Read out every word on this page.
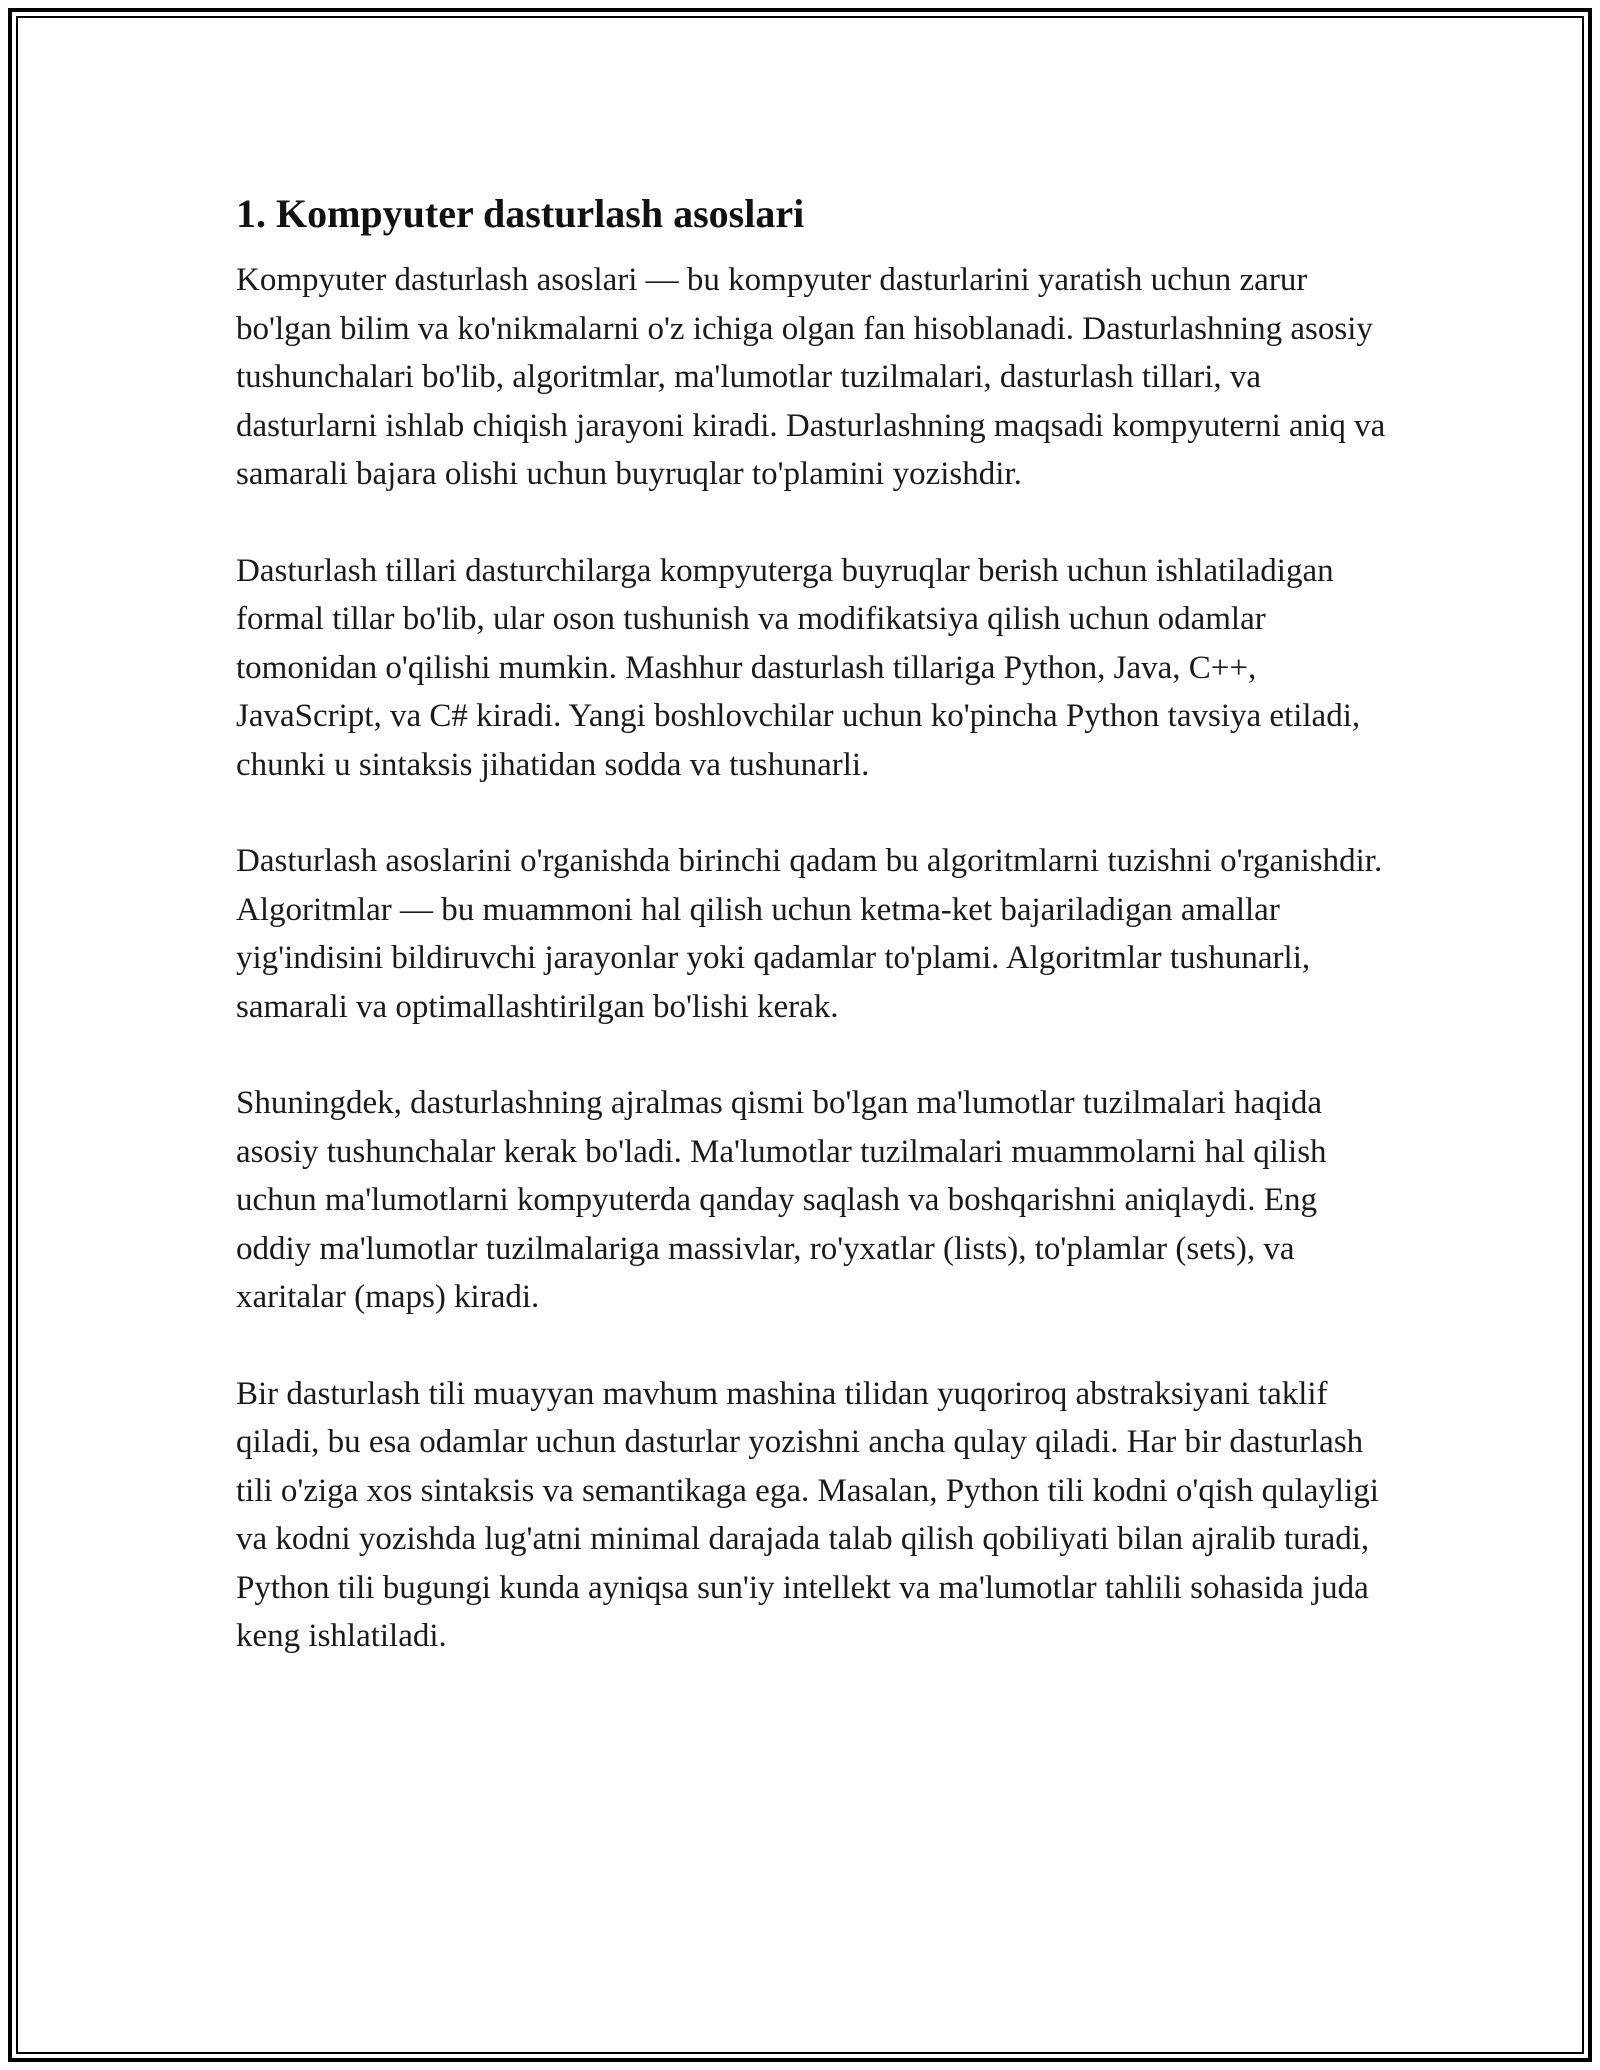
1. Kompyuter dasturlash asoslari

Kompyuter dasturlash asoslari — bu kompyuter dasturlarini yaratish uchun zarur bo'lgan bilim va ko'nikmalarni o'z ichiga olgan fan hisoblanadi. Dasturlashning asosiy tushunchalari bo'lib, algoritmlar, ma'lumotlar tuzilmalari, dasturlash tillari, va dasturlarni ishlab chiqish jarayoni kiradi. Dasturlashning maqsadi kompyuterni aniq va samarali bajara olishi uchun buyruqlar to'plamini yozishdir.

Dasturlash tillari dasturchilarga kompyuterga buyruqlar berish uchun ishlatiladigan formal tillar bo'lib, ular oson tushunish va modifikatsiya qilish uchun odamlar tomonidan o'qilishi mumkin. Mashhur dasturlash tillariga Python, Java, C++, JavaScript, va C# kiradi. Yangi boshlovchilar uchun ko'pincha Python tavsiya etiladi, chunki u sintaksis jihatidan sodda va tushunarli.

Dasturlash asoslarini o'rganishda birinchi qadam bu algoritmlarni tuzishni o'rganishdir. Algoritmlar — bu muammoni hal qilish uchun ketma-ket bajariladigan amallar yig'indisini bildiruvchi jarayonlar yoki qadamlar to'plami. Algoritmlar tushunarli, samarali va optimallashtirilgan bo'lishi kerak.

Shuningdek, dasturlashning ajralmas qismi bo'lgan ma'lumotlar tuzilmalari haqida asosiy tushunchalar kerak bo'ladi. Ma'lumotlar tuzilmalari muammolarni hal qilish uchun ma'lumotlarni kompyuterda qanday saqlash va boshqarishni aniqlaydi. Eng oddiy ma'lumotlar tuzilmalariga massivlar, ro'yxatlar (lists), to'plamlar (sets), va xaritalar (maps) kiradi.

Bir dasturlash tili muayyan mavhum mashina tilidan yuqoriroq abstraksiyani taklif qiladi, bu esa odamlar uchun dasturlar yozishni ancha qulay qiladi. Har bir dasturlash tili o'ziga xos sintaksis va semantikaga ega. Masalan, Python tili kodni o'qish qulayligi va kodni yozishda lug'atni minimal darajada talab qilish qobiliyati bilan ajralib turadi, Python tili bugungi kunda ayniqsa sun'iy intellekt va ma'lumotlar tahlili sohasida juda keng ishlatiladi.
